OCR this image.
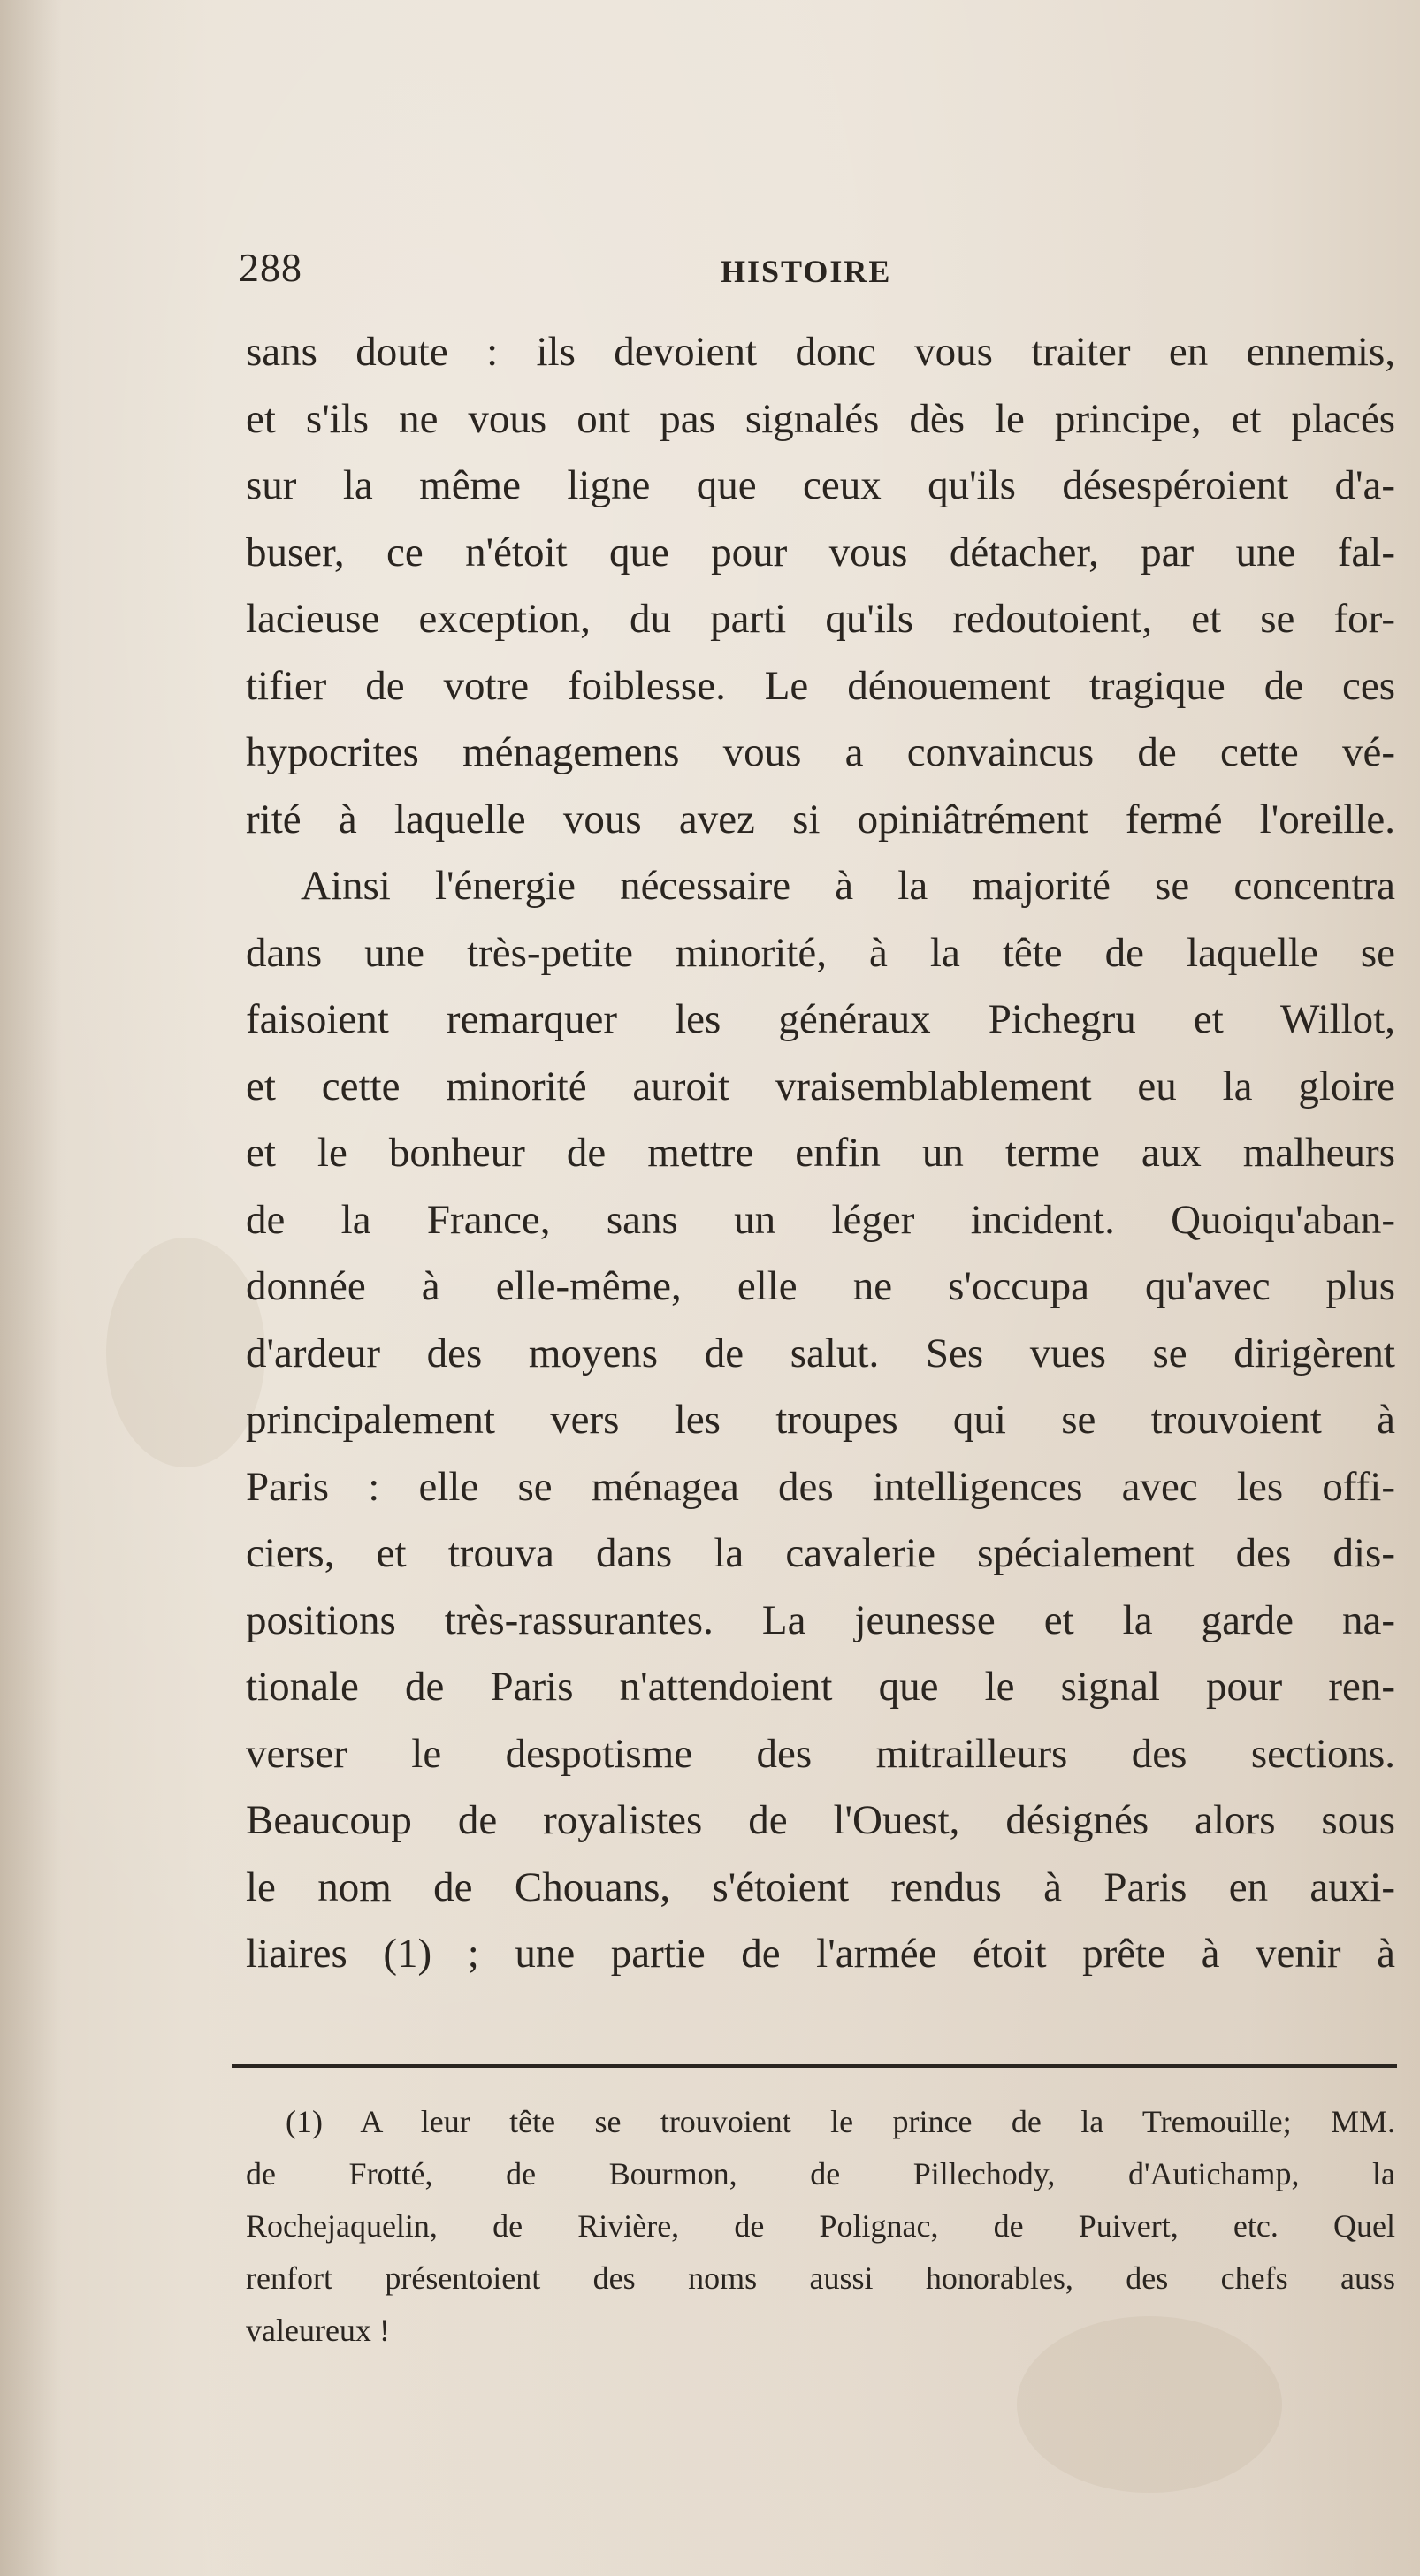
288	HISTOIRE
sans doute : ils devoient donc vous traiter en ennemis,
et s'ils ne vous ont pas signalés dès le principe, et placés
sur la même ligne que ceux qu'ils désespéroient d'a-
buser, ce n'étoit que pour vous détacher, par une fal-
lacieuse exception, du parti qu'ils redoutoient, et se for-
tifier de votre foiblesse. Le dénouement tragique de ces
hypocrites ménagemens vous a convaincus de cette vé-
rité à laquelle vous avez si opiniâtrément fermé l'oreille.
Ainsi l'énergie nécessaire à la majorité se concentra
dans une très-petite minorité, à la tête de laquelle se
faisoient remarquer les généraux Pichegru et Willot,
et cette minorité auroit vraisemblablement eu la gloire
et le bonheur de mettre enfin un terme aux malheurs
de la France, sans un léger incident. Quoiqu'aban-
donnée à elle-même, elle ne s'occupa qu'avec plus
d'ardeur des moyens de salut. Ses vues se dirigèrent
principalement vers les troupes qui se trouvoient à
Paris : elle se ménagea des intelligences avec les offi-
ciers, et trouva dans la cavalerie spécialement des dis-
positions très-rassurantes. La jeunesse et la garde na-
tionale de Paris n'attendoient que le signal pour ren-
verser le despotisme des mitrailleurs des sections.
Beaucoup de royalistes de l'Ouest, désignés alors sous
le nom de Chouans, s'étoient rendus à Paris en auxi-
liaires (1) ; une partie de l'armée étoit prête à venir à
(1) A leur tête se trouvoient le prince de la Tremouille; MM.
de Frotté, de Bourmon, de Pillechody, d'Autichamp, la
Rochejaquelin, de Rivière, de Polignac, de Puivert, etc. Quel
renfort présentoient des noms aussi honorables, des chefs auss
valeureux !
